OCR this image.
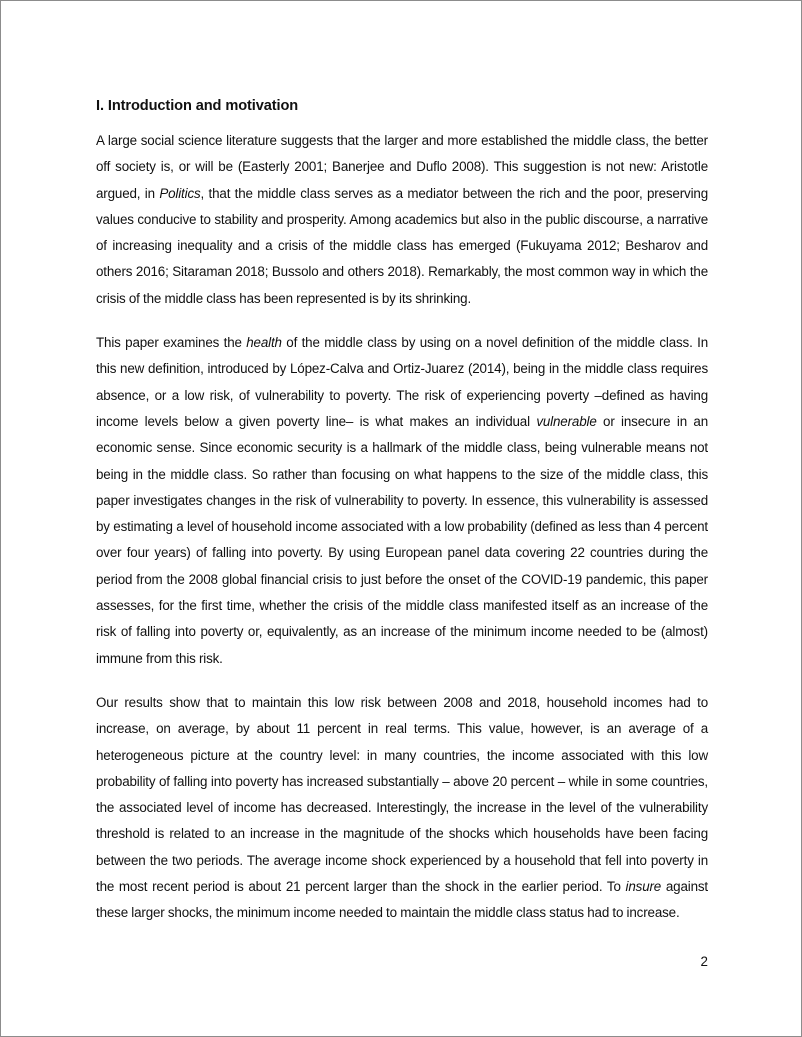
I. Introduction and motivation

A large social science literature suggests that the larger and more established the middle class, the better off society is, or will be (Easterly 2001; Banerjee and Duflo 2008). This suggestion is not new: Aristotle argued, in Politics, that the middle class serves as a mediator between the rich and the poor, preserving values conducive to stability and prosperity. Among academics but also in the public discourse, a narrative of increasing inequality and a crisis of the middle class has emerged (Fukuyama 2012; Besharov and others 2016; Sitaraman 2018; Bussolo and others 2018). Remarkably, the most common way in which the crisis of the middle class has been represented is by its shrinking.

This paper examines the health of the middle class by using on a novel definition of the middle class. In this new definition, introduced by López-Calva and Ortiz-Juarez (2014), being in the middle class requires absence, or a low risk, of vulnerability to poverty. The risk of experiencing poverty –defined as having income levels below a given poverty line– is what makes an individual vulnerable or insecure in an economic sense. Since economic security is a hallmark of the middle class, being vulnerable means not being in the middle class. So rather than focusing on what happens to the size of the middle class, this paper investigates changes in the risk of vulnerability to poverty. In essence, this vulnerability is assessed by estimating a level of household income associated with a low probability (defined as less than 4 percent over four years) of falling into poverty. By using European panel data covering 22 countries during the period from the 2008 global financial crisis to just before the onset of the COVID-19 pandemic, this paper assesses, for the first time, whether the crisis of the middle class manifested itself as an increase of the risk of falling into poverty or, equivalently, as an increase of the minimum income needed to be (almost) immune from this risk.

Our results show that to maintain this low risk between 2008 and 2018, household incomes had to increase, on average, by about 11 percent in real terms. This value, however, is an average of a heterogeneous picture at the country level: in many countries, the income associated with this low probability of falling into poverty has increased substantially – above 20 percent – while in some countries, the associated level of income has decreased. Interestingly, the increase in the level of the vulnerability threshold is related to an increase in the magnitude of the shocks which households have been facing between the two periods. The average income shock experienced by a household that fell into poverty in the most recent period is about 21 percent larger than the shock in the earlier period. To insure against these larger shocks, the minimum income needed to maintain the middle class status had to increase.

2
